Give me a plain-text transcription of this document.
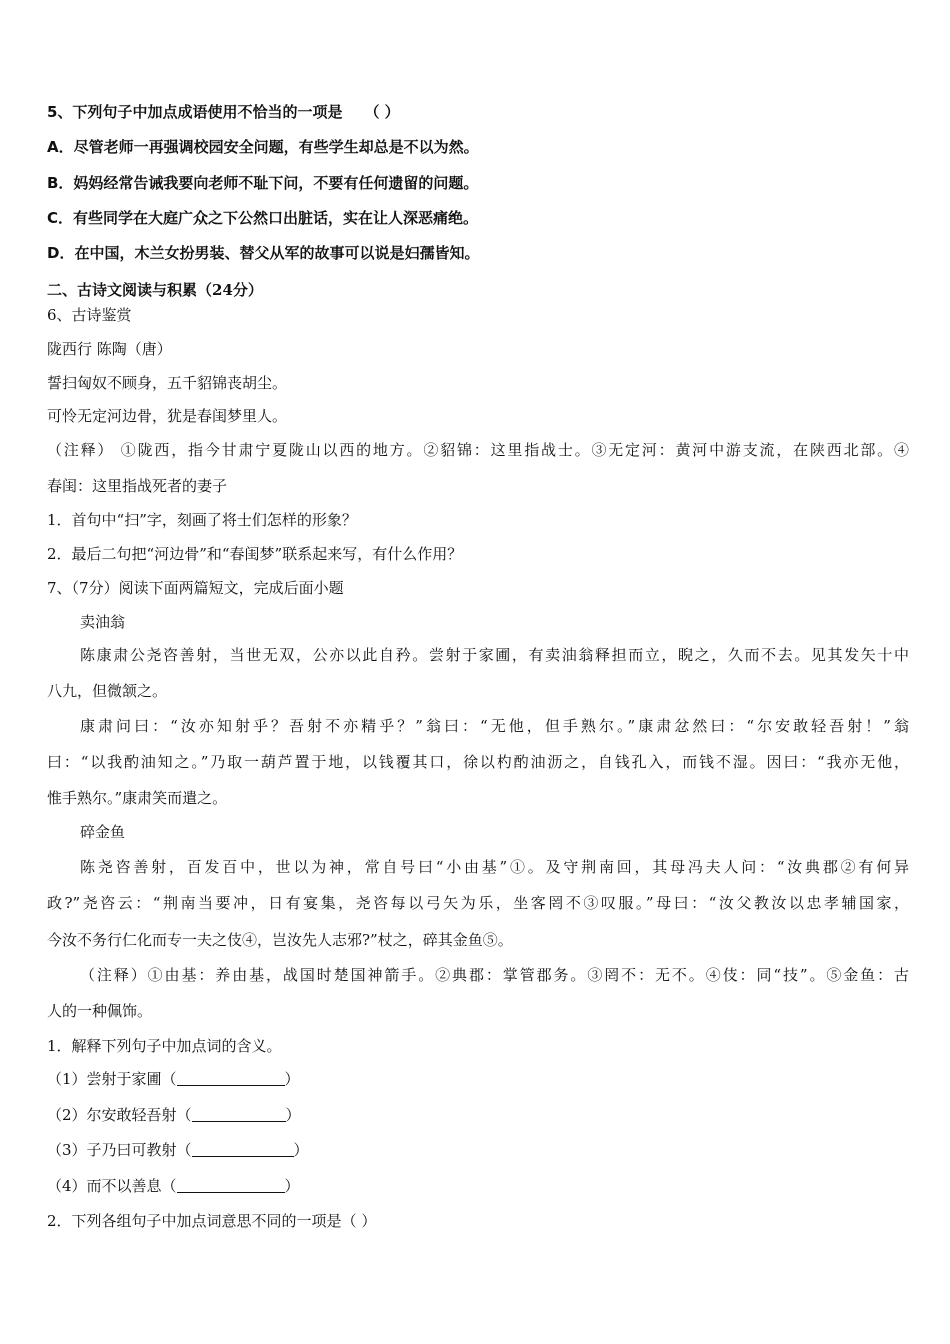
5、下列句子中加点成语使用不恰当的一项是 （ ）
A．尽管老师一再强调校园安全问题，有些学生却总是不以为然。
B．妈妈经常告诫我要向老师不耻下问，不要有任何遗留的问题。
C．有些同学在大庭广众之下公然口出脏话，实在让人深恶痛绝。
D．在中国，木兰女扮男装、替父从军的故事可以说是妇孺皆知。
二、古诗文阅读与积累（24分）
6、古诗鉴赏
陇西行 陈陶（唐）
誓扫匈奴不顾身，五千貂锦丧胡尘。
可怜无定河边骨，犹是春闺梦里人。
（注释） ①陇西，指今甘肃宁夏陇山以西的地方。②貂锦：这里指战士。③无定河：黄河中游支流，在陕西北部。④
春闺：这里指战死者的妻子
1．首句中“扫”字，刻画了将士们怎样的形象？
2．最后二句把“河边骨”和“春闺梦”联系起来写，有什么作用？
7、（7分）阅读下面两篇短文，完成后面小题
卖油翁
陈康肃公尧咨善射，当世无双，公亦以此自矜。尝射于家圃，有卖油翁释担而立，睨之，久而不去。见其发矢十中
八九，但微颔之。
康肃问曰：“汝亦知射乎？吾射不亦精乎？”翁曰：“无他，但手熟尔。”康肃忿然曰：“尔安敢轻吾射！”翁
曰：“以我酌油知之。”乃取一葫芦置于地，以钱覆其口，徐以杓酌油沥之，自钱孔入，而钱不湿。因曰：“我亦无他，
惟手熟尔。”康肃笑而遣之。
碎金鱼
陈尧咨善射，百发百中，世以为神，常自号曰“小由基”①。及守荆南回，其母冯夫人问：“汝典郡②有何异
政?”尧咨云：“荆南当要冲，日有宴集，尧咨每以弓矢为乐，坐客罔不③叹服。”母曰：“汝父教汝以忠孝辅国家，
今汝不务行仁化而专一夫之伎④，岂汝先人志邪?”杖之，碎其金鱼⑤。
（注释）①由基：养由基，战国时楚国神箭手。②典郡：掌管郡务。③罔不：无不。④伎：同“技”。⑤金鱼：古
人的一种佩饰。
1．解释下列句子中加点词的含义。
（1）尝射于家圃（	）
（2）尔安敢轻吾射（	）
（3）子乃曰可教射（	）
（4）而不以善息（	）
2．下列各组句子中加点词意思不同的一项是（ ）
